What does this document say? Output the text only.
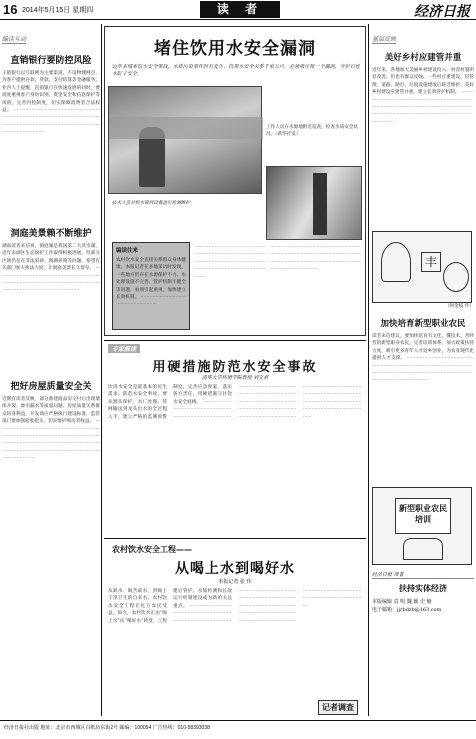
16 2014年5月15日 星期四	读 者	经济日报
编读互动
直销银行要防控风险
王销银行以互联网为主要渠道，不设物理网点，为客户提供存款、贷款、支付结算等金融服务。业内人士提醒，直销银行在快速发展的同时，要高度重视客户身份识别、资金安全和信息保护等风险，完善内控制度，切实保障消费者合法权益。 ······························································································································································································································
洞庭美景赖不断维护
湖南读者来信说，洞庭湖是我国第二大淡水湖，近年来湖区生态保护工作取得积极进展，但部分区域仍存在非法采砂、围湖养殖等问题，希望有关部门加大执法力度，让洞庭美景长久留存。 ······························································································································································································
把好房屋质量安全关
近期有读者反映，部分新建商品房交付后出现墙体开裂、渗水漏水等质量问题。房屋质量关系群众切身利益，开发商应严格执行建设标准，监管部门要加强验收把关，切实维护购房者权益。 ······································································································································································································································································································
堵住饮用水安全漏洞
近年来城乡饮水安全事故、水质污染事件时有发生，饮用水安全关系千家万户，必须堵住每一个漏洞，守护百姓水缸子安全。
工作人员在水源地附近巡查，检查水质安全状况。（新华社发）
技术人员对供水管网设备进行检测维护。
编读往来
农村饮水安全直接关系群众身体健康。本报记者在多地采访时发现，一些地方仍存在水源保护不力、水处理设施不完善、管护机制不健全等问题，亟须引起重视，加快建立长效机制。 ···························································
·············································································································································································································
······························································································································································································································
专家解读
用硬措施防范水安全事故
清华大学环境学院教授 刘文君
饮用水安全是最基本的民生需求。防范水安全事故，要从源头保护、水厂处理、管网输送到龙头出水的全过程入手，建立严格的监测预警制度，完善应急预案，落实各方责任，用硬措施守住饮水安全底线。 ··················································································································································································································································································································································································································································································
农村饮水安全工程——
从喝上水到喝好水
本报记者 张 伟
从缺水、喝苦咸水，到喝上干净卫生的自来水，农村饮水安全工程让亿万农民受益。如今，农村饮水正由“喝上水”向“喝好水”转变，工程建后管护、水质检测和长效运行机制建设成为新的关注重点。 ·········································································································································································································································································································································································································
记者调查
基层反映
美好乡村应建管并重
近年来，各地加大美丽乡村建设投入，村容村貌明显改善。但也有群众反映，一些村庄重建设、轻管理，道路、路灯、垃圾设施建成后缺乏维护。美好乡村建设应建管并重，建立长效管护机制。 ·······································································································································································································································
丰
（何金枝 作）
加快培育新型职业农民
读者来信建议，要加快培育有文化、懂技术、善经营的新型职业农民，完善培训体系，加大政策扶持力度，吸引更多青年人才返乡创业，为农业现代化提供人才支撑。 ·······························································································································································································································
新型职业农民培训
经济日报 读者
扶持实体经济
本版编辑 袁 明 魏 颖 史 楠
电子邮箱：jjrbdzb@163.com
经济日报社出版 地址：北京市西城区白纸坊东街2号 邮编：100054 广告热线：010-58393038
